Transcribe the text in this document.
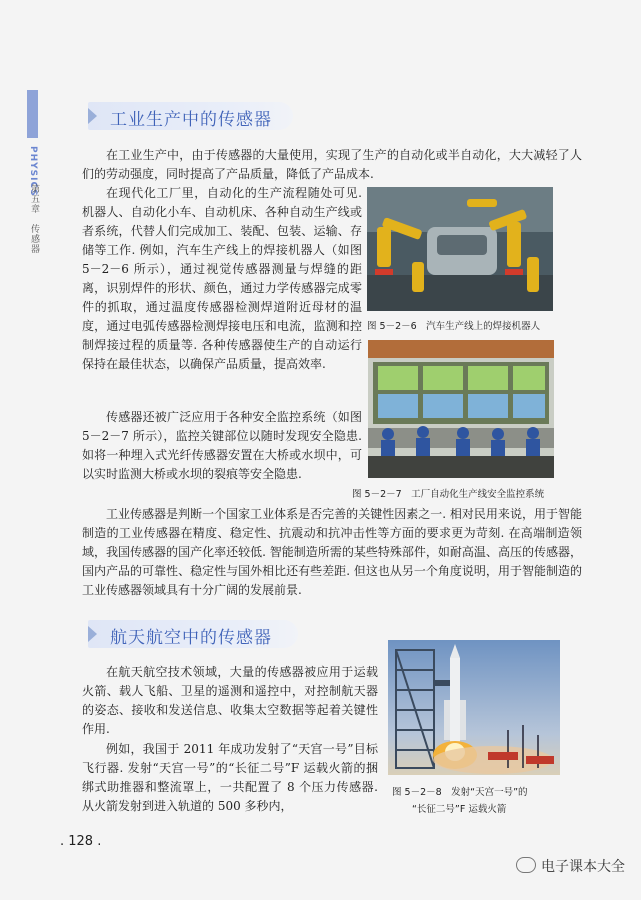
PHYSICS
第五章　传感器
工业生产中的传感器
在工业生产中，由于传感器的大量使用，实现了生产的自动化或半自动化，大大减轻了人们的劳动强度，同时提高了产品质量，降低了产品成本.
在现代化工厂里，自动化的生产流程随处可见. 机器人、自动化小车、自动机床、各种自动生产线或者系统，代替人们完成加工、装配、包装、运输、存储等工作. 例如，汽车生产线上的焊接机器人（如图 5－2－6 所示），通过视觉传感器测量与焊缝的距离，识别焊件的形状、颜色，通过力学传感器完成零件的抓取，通过温度传感器检测焊道附近母材的温度，通过电弧传感器检测焊接电压和电流，监测和控制焊接过程的质量等. 各种传感器使生产的自动运行保持在最佳状态，以确保产品质量，提高效率.
传感器还被广泛应用于各种安全监控系统（如图 5－2－7 所示），监控关键部位以随时发现安全隐患. 如将一种埋入式光纤传感器安置在大桥或水坝中，可以实时监测大桥或水坝的裂痕等安全隐患.
工业传感器是判断一个国家工业体系是否完善的关键性因素之一. 相对民用来说，用于智能制造的工业传感器在精度、稳定性、抗震动和抗冲击性等方面的要求更为苛刻. 在高端制造领域，我国传感器的国产化率还较低. 智能制造所需的某些特殊部件，如耐高温、高压的传感器，国内产品的可靠性、稳定性与国外相比还有些差距. 但这也从另一个角度说明，用于智能制造的工业传感器领域具有十分广阔的发展前景.
图 5－2－6　汽车生产线上的焊接机器人
图 5－2－7　工厂自动化生产线安全监控系统
航天航空中的传感器
在航天航空技术领域，大量的传感器被应用于运载火箭、载人飞船、卫星的遥测和遥控中，对控制航天器的姿态、接收和发送信息、收集太空数据等起着关键性作用.
例如，我国于 2011 年成功发射了“天宫一号”目标飞行器. 发射“天宫一号”的“长征二号”F 运载火箭的捆绑式助推器和整流罩上，一共配置了 8 个压力传感器. 从火箭发射到进入轨道的 500 多秒内，
图 5－2－8　发射“天宫一号”的
“长征二号”F 运载火箭
. 128 .
电子课本大全
